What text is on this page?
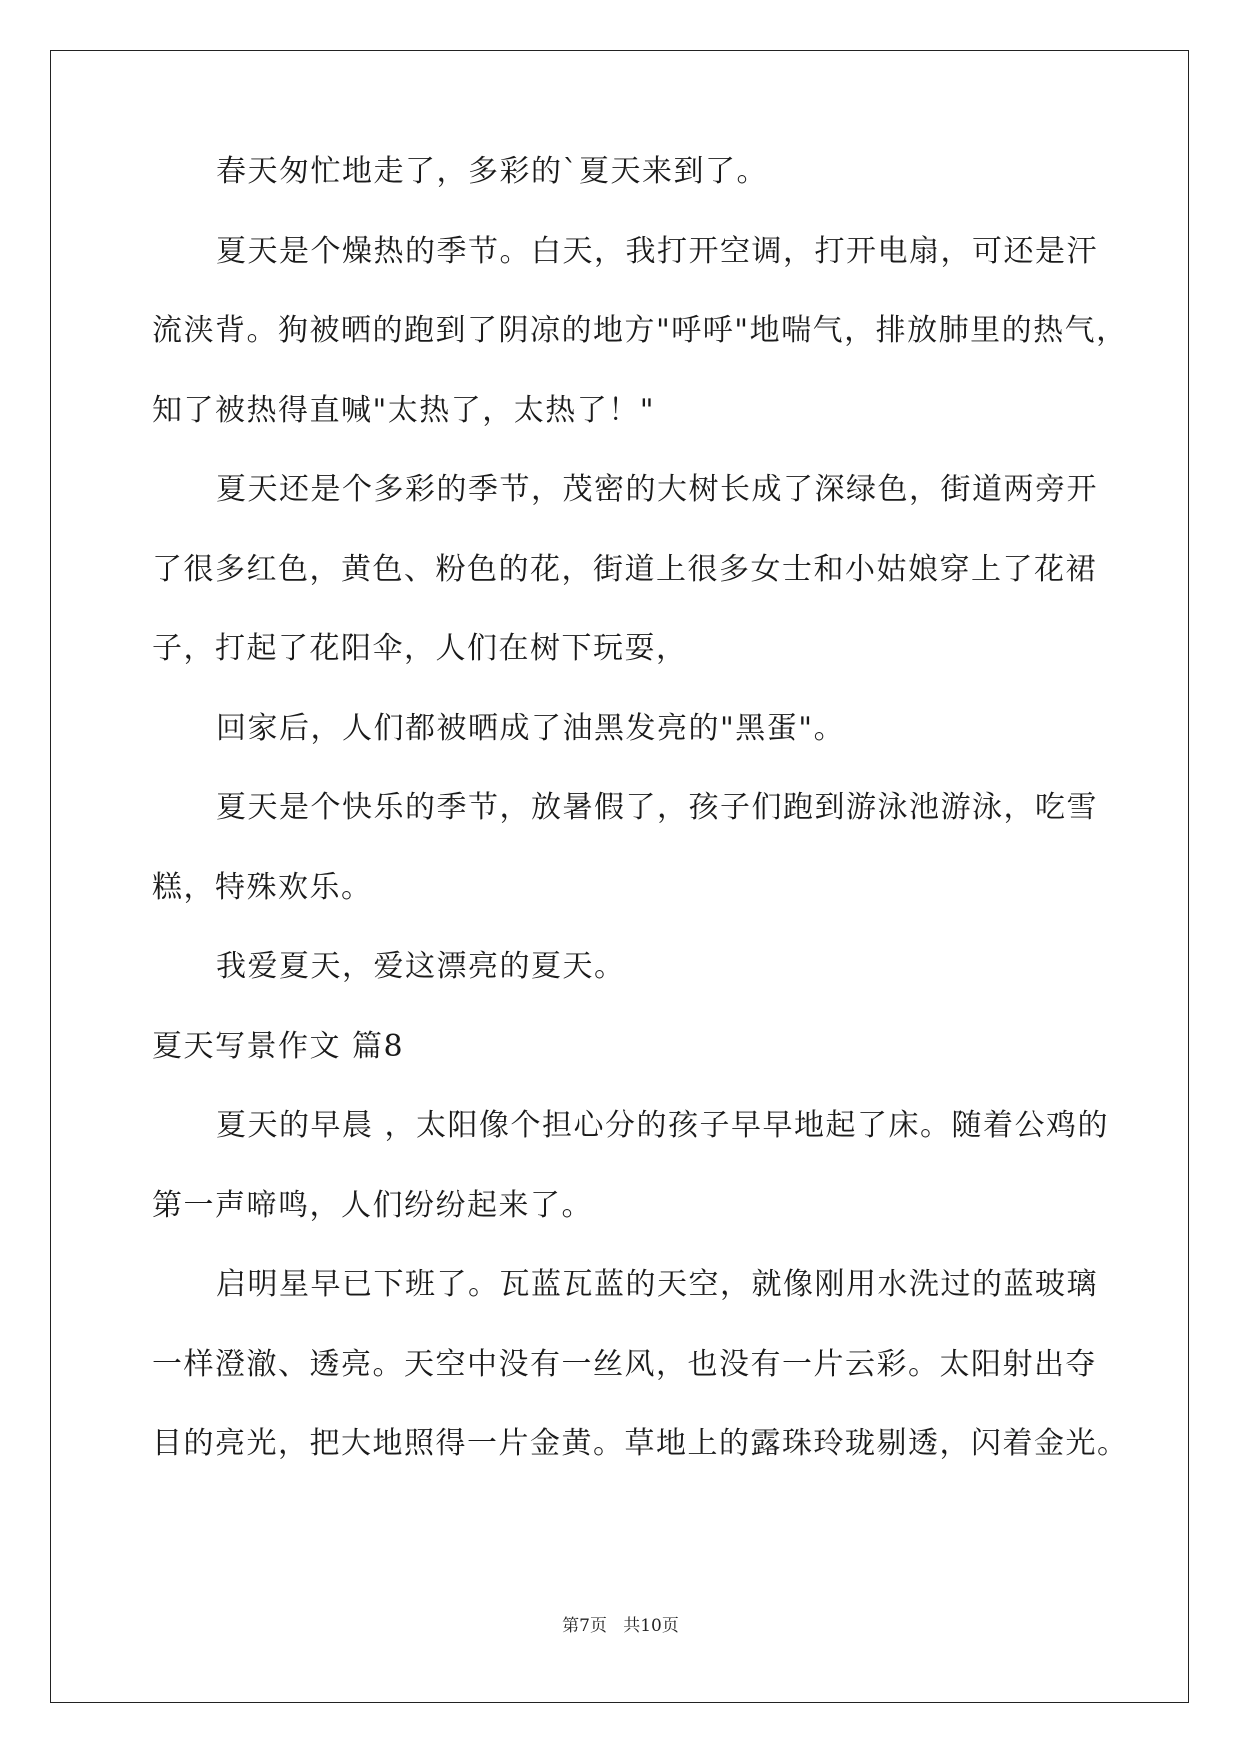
春天匆忙地走了，多彩的`夏天来到了。
夏天是个燥热的季节。白天，我打开空调，打开电扇，可还是汗
流浃背。狗被晒的跑到了阴凉的地方"呼呼"地喘气，排放肺里的热气，
知了被热得直喊"太热了，太热了！"
夏天还是个多彩的季节，茂密的大树长成了深绿色，街道两旁开
了很多红色，黄色、粉色的花，街道上很多女士和小姑娘穿上了花裙
子，打起了花阳伞，人们在树下玩耍，
回家后，人们都被晒成了油黑发亮的"黑蛋"。
夏天是个快乐的季节，放暑假了，孩子们跑到游泳池游泳，吃雪
糕，特殊欢乐。
我爱夏天，爱这漂亮的夏天。
夏天写景作文 篇8
夏天的早晨 ，太阳像个担心分的孩子早早地起了床。随着公鸡的
第一声啼鸣，人们纷纷起来了。
启明星早已下班了。瓦蓝瓦蓝的天空，就像刚用水洗过的蓝玻璃
一样澄澈、透亮。天空中没有一丝风，也没有一片云彩。太阳射出夺
目的亮光，把大地照得一片金黄。草地上的露珠玲珑剔透，闪着金光。
第7页 共10页
